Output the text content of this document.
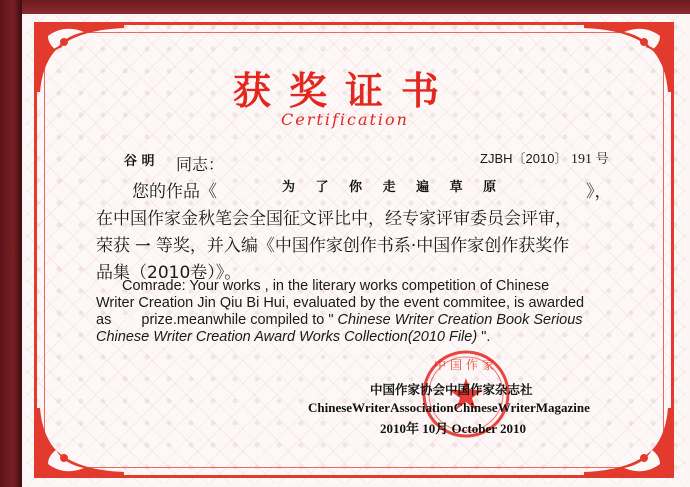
获奖证书
Certification
谷 明 同志：	ZJBH〔2010〕 191 号
您的作品《	为 了 你 走 遍 草 原	》，
在中国作家金秋笔会全国征文评比中，经专家评审委员会评审，
荣获 一 等奖，并入编《中国作家创作书系·中国作家创作获奖作
品集（2010卷）》。
Comrade: Your works , in the literary works competition of Chinese
Writer Creation Jin Qiu Bi Hui, evaluated by the event commitee, is awarded
as prize.meanwhile compiled to " Chinese Writer Creation Book Serious
Chinese Writer Creation Award Works Collection(2010 File) ".
中国作家
中国作家协会中国作家杂志社
ChineseWriterAssociationChineseWriterMagazine
2010年 10月 October 2010
